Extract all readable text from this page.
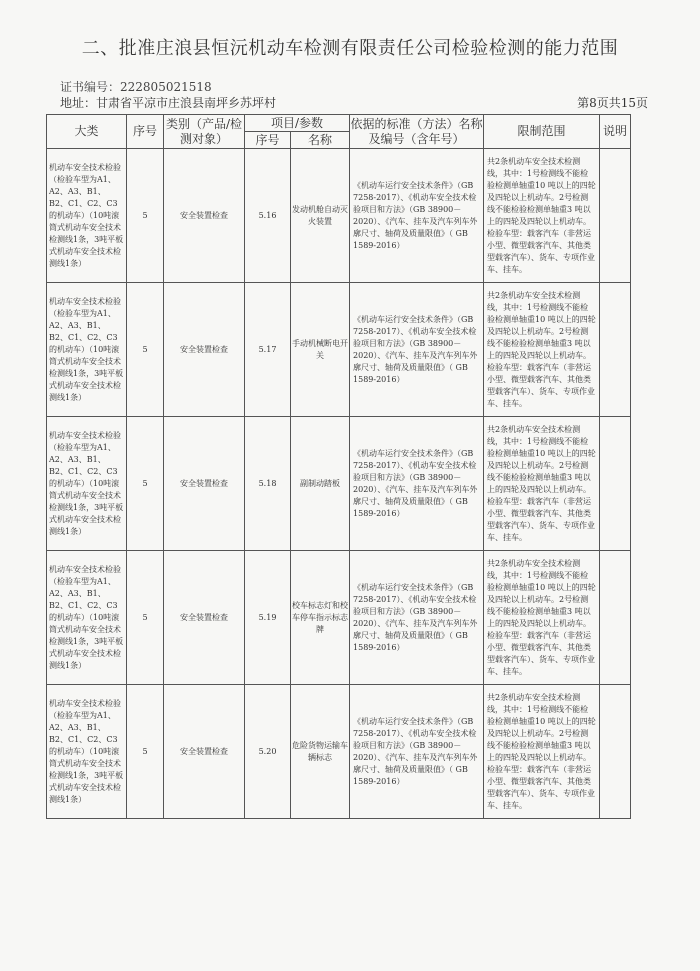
二、批准庄浪县恒沅机动车检测有限责任公司检验检测的能力范围
证书编号：222805021518
地址：甘肃省平凉市庄浪县南坪乡苏坪村	第8页共15页
大类	序号	类别（产品/检测对象）	项目/参数		依据的标准（方法）名称及编号（含年号）	限制范围	说明
			序号	名称			
机动车安全技术检验（检验车型为A1、A2、A3、B1、B2、C1、C2、C3的机动车）（10吨滚筒式机动车安全技术检测线1条，3吨平板式机动车安全技术检测线1条）	5	安全装置检查	5.16	发动机舱自动灭火装置	《机动车运行安全技术条件》（GB 7258-2017）、《机动车安全技术检验项目和方法》（GB 38900－2020）、《汽车、挂车及汽车列车外廓尺寸、轴荷及质量限值》（ GB 1589-2016）	共2条机动车安全技术检测线，其中：1号检测线不能检验检测单轴重10 吨以上的四轮及四轮以上机动车。2号检测线不能检验检测单轴重3 吨以上的四轮及四轮以上机动车。检验车型：载客汽车（非营运小型、微型载客汽车、其他类型载客汽车）、货车、专项作业车、挂车。	
机动车安全技术检验（检验车型为A1、A2、A3、B1、B2、C1、C2、C3的机动车）（10吨滚筒式机动车安全技术检测线1条，3吨平板式机动车安全技术检测线1条）	5	安全装置检查	5.17	手动机械断电开关	《机动车运行安全技术条件》（GB 7258-2017）、《机动车安全技术检验项目和方法》（GB 38900－2020）、《汽车、挂车及汽车列车外廓尺寸、轴荷及质量限值》（ GB 1589-2016）	共2条机动车安全技术检测线，其中：1号检测线不能检验检测单轴重10 吨以上的四轮及四轮以上机动车。2号检测线不能检验检测单轴重3 吨以上的四轮及四轮以上机动车。检验车型：载客汽车（非营运小型、微型载客汽车、其他类型载客汽车）、货车、专项作业车、挂车。	
机动车安全技术检验（检验车型为A1、A2、A3、B1、B2、C1、C2、C3的机动车）（10吨滚筒式机动车安全技术检测线1条，3吨平板式机动车安全技术检测线1条）	5	安全装置检查	5.18	副制动踏板	《机动车运行安全技术条件》（GB 7258-2017）、《机动车安全技术检验项目和方法》（GB 38900－2020）、《汽车、挂车及汽车列车外廓尺寸、轴荷及质量限值》（ GB 1589-2016）	共2条机动车安全技术检测线，其中：1号检测线不能检验检测单轴重10 吨以上的四轮及四轮以上机动车。2号检测线不能检验检测单轴重3 吨以上的四轮及四轮以上机动车。检验车型：载客汽车（非营运小型、微型载客汽车、其他类型载客汽车）、货车、专项作业车、挂车。	
机动车安全技术检验（检验车型为A1、A2、A3、B1、B2、C1、C2、C3的机动车）（10吨滚筒式机动车安全技术检测线1条，3吨平板式机动车安全技术检测线1条）	5	安全装置检查	5.19	校车标志灯和校车停车指示标志牌	《机动车运行安全技术条件》（GB 7258-2017）、《机动车安全技术检验项目和方法》（GB 38900－2020）、《汽车、挂车及汽车列车外廓尺寸、轴荷及质量限值》（ GB 1589-2016）	共2条机动车安全技术检测线，其中：1号检测线不能检验检测单轴重10 吨以上的四轮及四轮以上机动车。2号检测线不能检验检测单轴重3 吨以上的四轮及四轮以上机动车。检验车型：载客汽车（非营运小型、微型载客汽车、其他类型载客汽车）、货车、专项作业车、挂车。	
机动车安全技术检验（检验车型为A1、A2、A3、B1、B2、C1、C2、C3的机动车）（10吨滚筒式机动车安全技术检测线1条，3吨平板式机动车安全技术检测线1条）	5	安全装置检查	5.20	危险货物运输车辆标志	《机动车运行安全技术条件》（GB 7258-2017）、《机动车安全技术检验项目和方法》（GB 38900－2020）、《汽车、挂车及汽车列车外廓尺寸、轴荷及质量限值》（ GB 1589-2016）	共2条机动车安全技术检测线，其中：1号检测线不能检验检测单轴重10 吨以上的四轮及四轮以上机动车。2号检测线不能检验检测单轴重3 吨以上的四轮及四轮以上机动车。检验车型：载客汽车（非营运小型、微型载客汽车、其他类型载客汽车）、货车、专项作业车、挂车。	
